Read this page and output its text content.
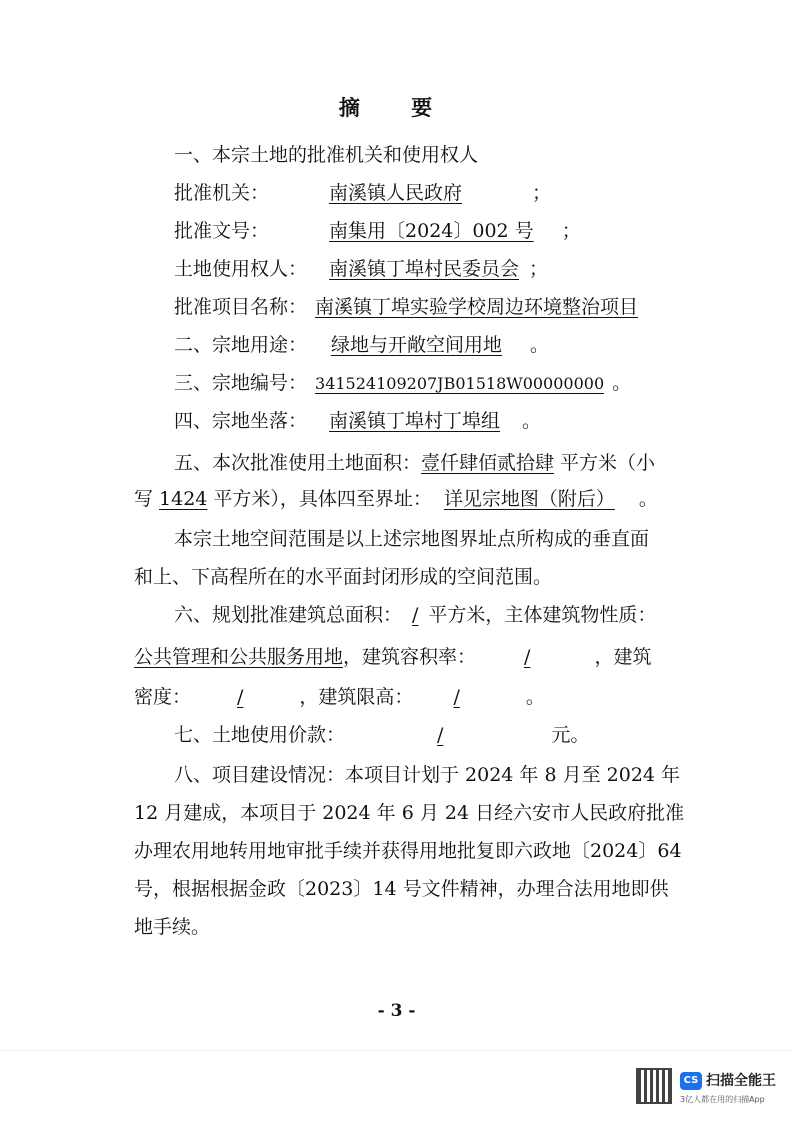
摘 要
一、本宗土地的批准机关和使用权人
批准机关：	南溪镇人民政府	；
批准文号：	南集用〔2024〕002 号 ；
土地使用权人： 南溪镇丁埠村民委员会 ；
批准项目名称： 南溪镇丁埠实验学校周边环境整治项目
二、宗地用途： 绿地与开敞空间用地 。
三、宗地编号： 341524109207JB01518W00000000 。
四、宗地坐落： 南溪镇丁埠村丁埠组 。
五、本次批准使用土地面积：壹仟肆佰贰拾肆 平方米（小
写 1424 平方米），具体四至界址： 详见宗地图（附后） 。
本宗土地空间范围是以上述宗地图界址点所构成的垂直面
和上、下高程所在的水平面封闭形成的空间范围。
六、规划批准建筑总面积： / 平方米，主体建筑物性质：
公共管理和公共服务用地，建筑容积率：	/	，建筑
密度： /	，建筑限高： /	。
七、土地使用价款：	/	元。
八、项目建设情况：本项目计划于 2024 年 8 月至 2024 年
12 月建成，本项目于 2024 年 6 月 24 日经六安市人民政府批准
办理农用地转用地审批手续并获得用地批复即六政地〔2024〕64
号，根据根据金政〔2023〕14 号文件精神，办理合法用地即供
地手续。
- 3 -
CS 扫描全能王
3亿人都在用的扫描App
